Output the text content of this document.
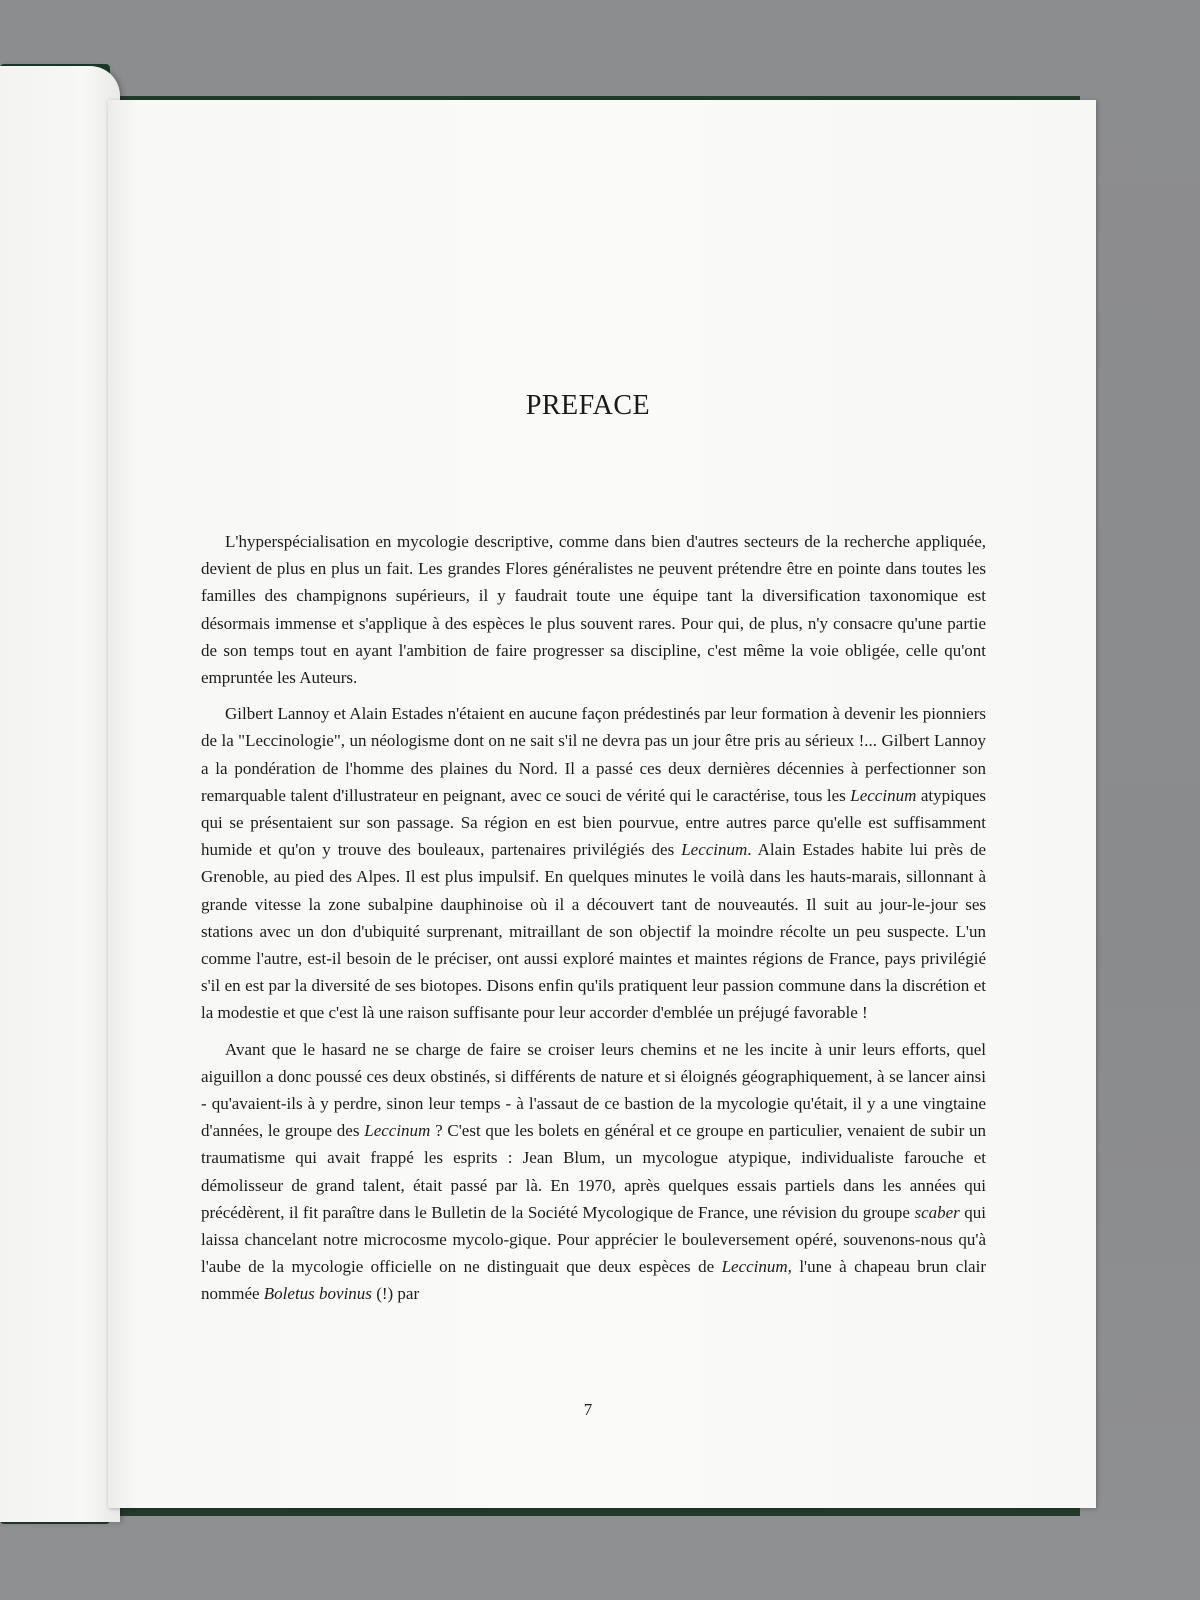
PREFACE

L'hyperspécialisation en mycologie descriptive, comme dans bien d'autres secteurs de la recherche appliquée, devient de plus en plus un fait. Les grandes Flores généralistes ne peuvent prétendre être en pointe dans toutes les familles des champignons supérieurs, il y faudrait toute une équipe tant la diversification taxonomique est désormais immense et s'applique à des espèces le plus souvent rares. Pour qui, de plus, n'y consacre qu'une partie de son temps tout en ayant l'ambition de faire progresser sa discipline, c'est même la voie obligée, celle qu'ont empruntée les Auteurs.

Gilbert Lannoy et Alain Estades n'étaient en aucune façon prédestinés par leur formation à devenir les pionniers de la "Leccinologie", un néologisme dont on ne sait s'il ne devra pas un jour être pris au sérieux !... Gilbert Lannoy a la pondération de l'homme des plaines du Nord. Il a passé ces deux dernières décennies à perfectionner son remarquable talent d'illustrateur en peignant, avec ce souci de vérité qui le caractérise, tous les Leccinum atypiques qui se présentaient sur son passage. Sa région en est bien pourvue, entre autres parce qu'elle est suffisamment humide et qu'on y trouve des bouleaux, partenaires privilégiés des Leccinum. Alain Estades habite lui près de Grenoble, au pied des Alpes. Il est plus impulsif. En quelques minutes le voilà dans les hauts-marais, sillonnant à grande vitesse la zone subalpine dauphinoise où il a découvert tant de nouveautés. Il suit au jour-le-jour ses stations avec un don d'ubiquité surprenant, mitraillant de son objectif la moindre récolte un peu suspecte. L'un comme l'autre, est-il besoin de le préciser, ont aussi exploré maintes et maintes régions de France, pays privilégié s'il en est par la diversité de ses biotopes. Disons enfin qu'ils pratiquent leur passion commune dans la discrétion et la modestie et que c'est là une raison suffisante pour leur accorder d'emblée un préjugé favorable !

Avant que le hasard ne se charge de faire se croiser leurs chemins et ne les incite à unir leurs efforts, quel aiguillon a donc poussé ces deux obstinés, si différents de nature et si éloignés géographiquement, à se lancer ainsi - qu'avaient-ils à y perdre, sinon leur temps - à l'assaut de ce bastion de la mycologie qu'était, il y a une vingtaine d'années, le groupe des Leccinum ? C'est que les bolets en général et ce groupe en particulier, venaient de subir un traumatisme qui avait frappé les esprits : Jean Blum, un mycologue atypique, individualiste farouche et démolisseur de grand talent, était passé par là. En 1970, après quelques essais partiels dans les années qui précédèrent, il fit paraître dans le Bulletin de la Société Mycologique de France, une révision du groupe scaber qui laissa chancelant notre microcosme mycolo-gique. Pour apprécier le bouleversement opéré, souvenons-nous qu'à l'aube de la mycologie officielle on ne distinguait que deux espèces de Leccinum, l'une à chapeau brun clair nommée Boletus bovinus (!) par

7
